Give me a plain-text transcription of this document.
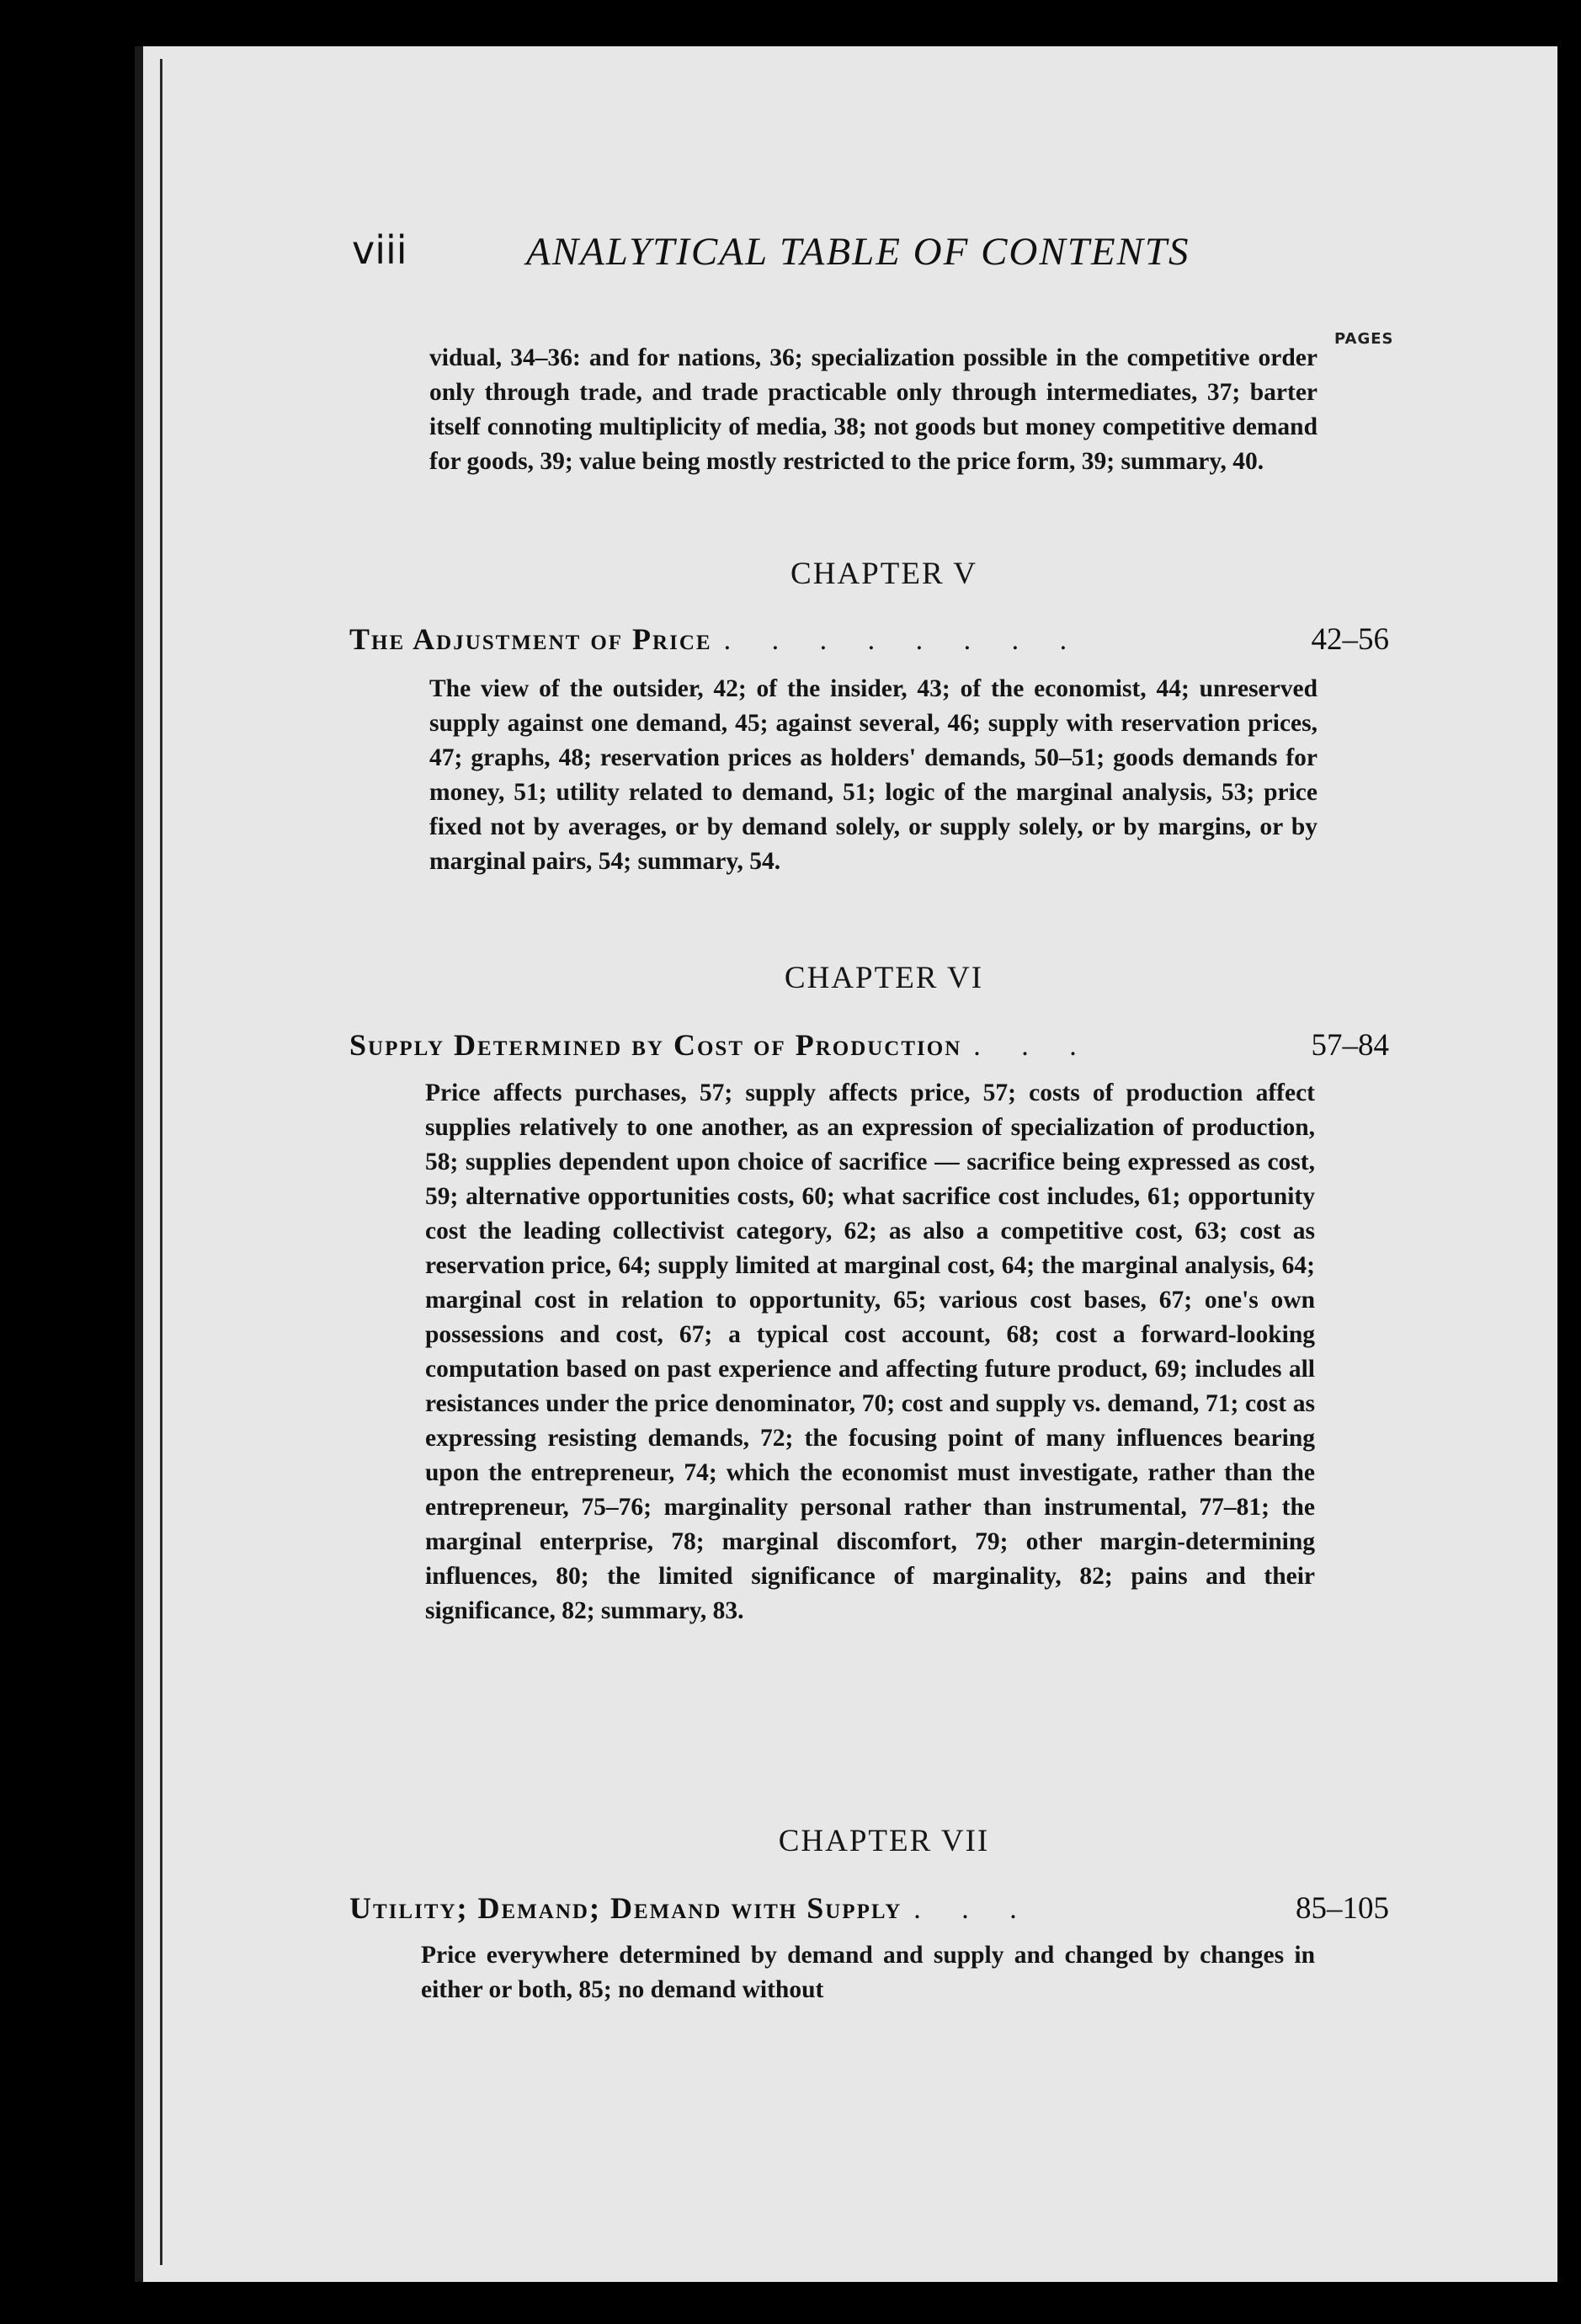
viii	ANALYTICAL TABLE OF CONTENTS
PAGES
vidual, 34–36: and for nations, 36; specialization possible in the competitive order only through trade, and trade practicable only through intermediates, 37; barter itself connoting multiplicity of media, 38; not goods but money competitive demand for goods, 39; value being mostly restricted to the price form, 39; summary, 40.
CHAPTER V
The Adjustment of Price . . . . . . . .	42–56
The view of the outsider, 42; of the insider, 43; of the economist, 44; unreserved supply against one demand, 45; against several, 46; supply with reservation prices, 47; graphs, 48; reservation prices as holders' demands, 50–51; goods demands for money, 51; utility related to demand, 51; logic of the marginal analysis, 53; price fixed not by averages, or by demand solely, or supply solely, or by margins, or by marginal pairs, 54; summary, 54.
CHAPTER VI
Supply Determined by Cost of Production . . .	57–84
Price affects purchases, 57; supply affects price, 57; costs of production affect supplies relatively to one another, as an expression of specialization of production, 58; supplies dependent upon choice of sacrifice — sacrifice being expressed as cost, 59; alternative opportunities costs, 60; what sacrifice cost includes, 61; opportunity cost the leading collectivist category, 62; as also a competitive cost, 63; cost as reservation price, 64; supply limited at marginal cost, 64; the marginal analysis, 64; marginal cost in relation to opportunity, 65; various cost bases, 67; one's own possessions and cost, 67; a typical cost account, 68; cost a forward-looking computation based on past experience and affecting future product, 69; includes all resistances under the price denominator, 70; cost and supply vs. demand, 71; cost as expressing resisting demands, 72; the focusing point of many influences bearing upon the entrepreneur, 74; which the economist must investigate, rather than the entrepreneur, 75–76; marginality personal rather than instrumental, 77–81; the marginal enterprise, 78; marginal discomfort, 79; other margin-determining influences, 80; the limited significance of marginality, 82; pains and their significance, 82; summary, 83.
CHAPTER VII
Utility; Demand; Demand with Supply . . .	85–105
Price everywhere determined by demand and supply and changed by changes in either or both, 85; no demand without
